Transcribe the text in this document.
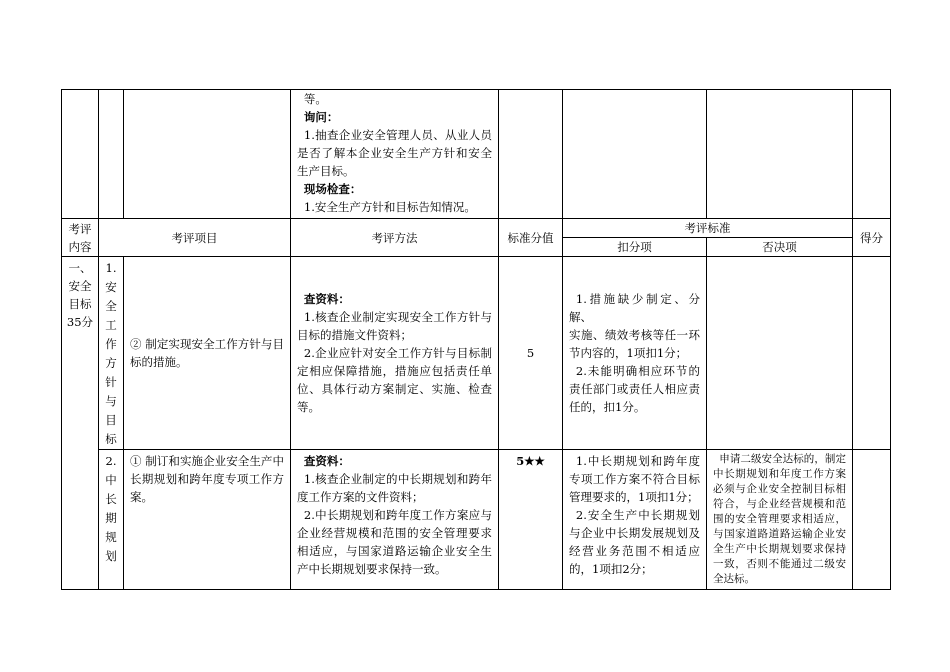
			等。
询问：
1.抽查企业安全管理人员、从业人员是否了解本企业安全生产方针和安全生产目标。
现场检查：
1.安全生产方针和目标告知情况。				

考评内容	考评项目		考评方法	标准分值	考评标准		得分
					扣分项	否决项	
一、安全目标35分	1.安全工作方针与目标	② 制定实现安全工作方针与目标的措施。	查资料：
1.核查企业制定实现安全工作方针与目标的措施文件资料；
2.企业应针对安全工作方针与目标制定相应保障措施，措施应包括责任单位、具体行动方案制定、实施、检查等。	5	1.措施缺少制定、分解、
实施、绩效考核等任一环节内容的，1项扣1分；
2.未能明确相应环节的责任部门或责任人相应责任的，扣1分。		

	2.中长期规划	① 制订和实施企业安全生产中长期规划和跨年度专项工作方案。	查资料：
1.核查企业制定的中长期规划和跨年度工作方案的文件资料；
2.中长期规划和跨年度工作方案应与企业经营规模和范围的安全管理要求相适应，与国家道路运输企业安全生产中长期规划要求保持一致。	5★★	1.中长期规划和跨年度专项工作方案不符合目标管理要求的，1项扣1分；
2.安全生产中长期规划与企业中长期发展规划及经营业务范围不相适应的，1项扣2分；	申请二级安全达标的，制定中长期规划和年度工作方案必须与企业安全控制目标相符合，与企业经营规模和范围的安全管理要求相适应，与国家道路道路运输企业安全生产中长期规划要求保持一致，否则不能通过二级安全达标。	
